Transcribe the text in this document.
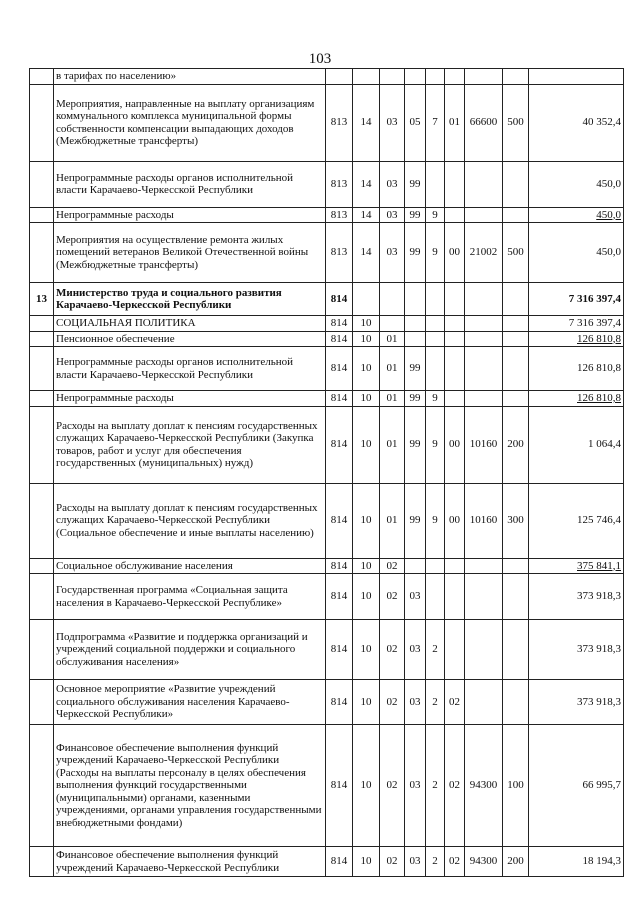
103
	в тарифах по населению»									
	Мероприятия, направленные на выплату организациям коммунального комплекса муниципальной формы собственности компенсации выпадающих доходов (Межбюджетные трансферты)	813	14	03	05	7	01	66600	500	40 352,4
	Непрограммные расходы органов исполнительной власти Карачаево-Черкесской Республики	813	14	03	99					450,0
	Непрограммные расходы	813	14	03	99	9				450,0
	Мероприятия на осуществление ремонта жилых помещений ветеранов Великой Отечественной войны (Межбюджетные трансферты)	813	14	03	99	9	00	21002	500	450,0
13	Министерство труда и социального развития Карачаево-Черкесской Республики	814								7 316 397,4
	СОЦИАЛЬНАЯ ПОЛИТИКА	814	10							7 316 397,4
	Пенсионное обеспечение	814	10	01						126 810,8
	Непрограммные расходы органов исполнительной власти Карачаево-Черкесской Республики	814	10	01	99					126 810,8
	Непрограммные расходы	814	10	01	99	9				126 810,8
	Расходы на выплату доплат к пенсиям государственных служащих Карачаево-Черкесской Республики (Закупка товаров, работ и услуг для обеспечения государственных (муниципальных) нужд)	814	10	01	99	9	00	10160	200	1 064,4
	Расходы на выплату доплат к пенсиям государственных служащих Карачаево-Черкесской Республики (Социальное обеспечение и иные выплаты населению)	814	10	01	99	9	00	10160	300	125 746,4
	Социальное обслуживание населения	814	10	02						375 841,1
	Государственная программа «Социальная защита населения в Карачаево-Черкесской Республике»	814	10	02	03					373 918,3
	Подпрограмма «Развитие и поддержка организаций и учреждений социальной поддержки и социального обслуживания населения»	814	10	02	03	2				373 918,3
	Основное мероприятие «Развитие учреждений социального обслуживания населения Карачаево-Черкесской Республики»	814	10	02	03	2	02			373 918,3
	Финансовое обеспечение выполнения функций учреждений Карачаево-Черкесской Республики (Расходы на выплаты персоналу в целях обеспечения выполнения функций государственными (муниципальными) органами, казенными учреждениями, органами управления государственными внебюджетными фондами)	814	10	02	03	2	02	94300	100	66 995,7
	Финансовое обеспечение выполнения функций учреждений Карачаево-Черкесской Республики	814	10	02	03	2	02	94300	200	18 194,3
